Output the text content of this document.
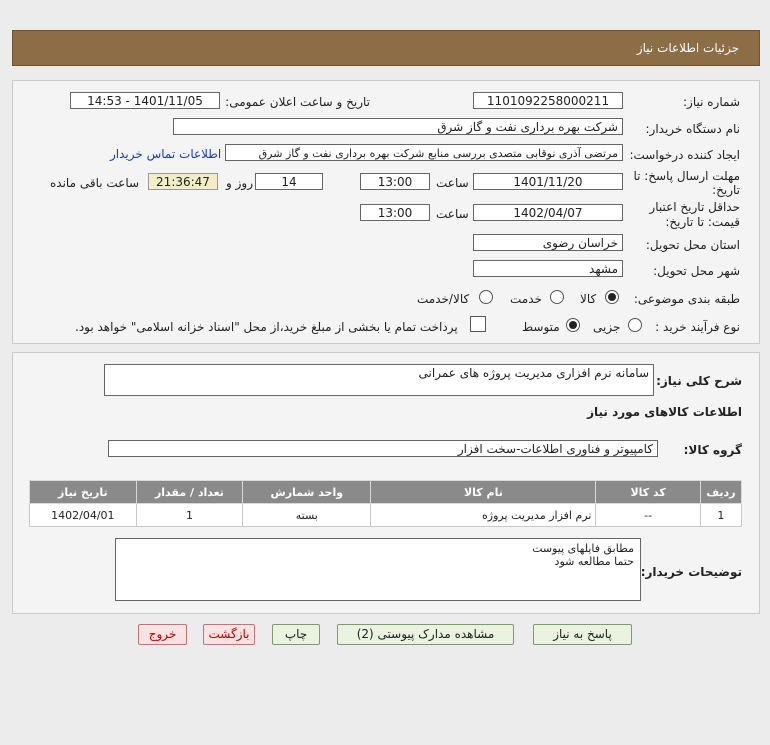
جزئیات اطلاعات نیاز
شماره نیاز:
1101092258000211
تاریخ و ساعت اعلان عمومی:
1401/11/05 - 14:53
نام دستگاه خریدار:
شرکت بهره برداری نفت و گاز شرق
ایجاد کننده درخواست:
مرتضی آذری نوقابی متصدی بررسی منابع شرکت بهره برداری نفت و گاز شرق
اطلاعات تماس خریدار
مهلت ارسال پاسخ: تا
تاریخ:
1401/11/20
ساعت
13:00
14
روز و
21:36:47
ساعت باقی مانده
حداقل تاریخ اعتبار
قیمت: تا تاریخ:
1402/04/07
ساعت
13:00
استان محل تحویل:
خراسان رضوی
شهر محل تحویل:
مشهد
طبقه بندی موضوعی:
کالا
خدمت
کالا/خدمت
نوع فرآیند خرید :
جزیی
متوسط
پرداخت تمام یا بخشی از مبلغ خرید،از محل "اسناد خزانه اسلامی" خواهد بود.
شرح کلی نیاز:
سامانه نرم افزاری مدیریت پروژه های عمرانی
اطلاعات کالاهای مورد نیاز
گروه کالا:
کامپیوتر و فناوری اطلاعات-سخت افزار
ردیف	کد کالا	نام کالا	واحد شمارش	تعداد / مقدار	تاریخ نیاز
1	--	نرم افزار مدیریت پروژه	بسته	1	1402/04/01
توضیحات خریدار:
مطابق فایلهای پیوست
حتما مطالعه شود
پاسخ به نیاز
مشاهده مدارک پیوستی (2)
چاپ
بازگشت
خروج
